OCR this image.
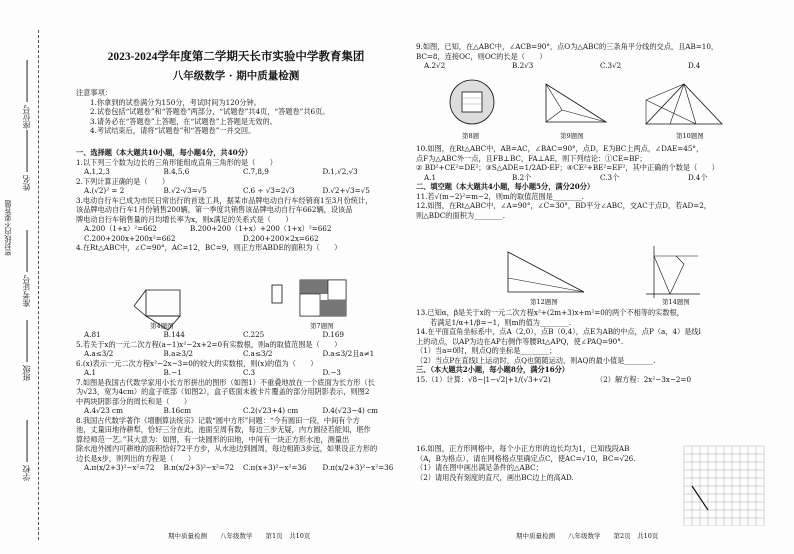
座位号
姓名
准考证号
班级
学校
密封线内不要答题
2023-2024学年度第二学期天长市实验中学教育集团
八年级数学 · 期中质量检测

注意事项：

1.你拿到的试卷满分为150分，考试时间为120分钟。

2.试卷包括“试题卷”和“答题卷”两部分，“试题卷”共4页，“答题卷”共6页。

3.请务必在“答题卷”上答题，在“试题卷”上答题是无效的。

4.考试结束后，请将“试题卷”和“答题卷”一并交回。

一、选择题（本大题共10小题，每小题4分，共40分）

1.以下列三个数为边长的三角形能组成直角三角形的是（　　）

A.1,2,3	B.4,5,6	C.7,8,9	D.1,√2,√3

2.下列计算正确的是（　　）

A.(√2)² = 2	B.√2·√3=√5	C.6 ÷ √3=2√3	D.√2+√3=√5

3.电动自行车已成为市民日常出行的首选工具，据某市品牌电动自行车经销商1至3月份统计，

该品牌电动自行车1月份销售200辆，第一季度共销售该品牌电动自行车662辆，设该品

牌电动自行车销售量的月均增长率为x，则x满足的关系式是（　　）

A.200（1+x）²=662	B.200+200（1+x）+200（1+x）²=662
C.200+200x+200x²=662	D.200+200×2x=662

4.在Rt△ABC中，∠C=90°，AC=12，BC=9，则正方形ABDE的面积为（　　）

第4题图	第7题图
A.81	B.144	C.225	D.169

5.若关于x的一元二次方程(a−1)x²−2x+2=0有实数根，则a的取值范围是（　　）

A.a≤3/2	B.a≥3/2	C.a≤3/2	D.a≤3/2且a≠1

6.(x)表示一元二次方程x²−2x−3=0的较大的实数根，则(x)的值为（　　）

A.1	B.−1	C.3	D.−3

7.如图是我国古代数学家用小长方形拼出的图形（如图1）不重叠地放在一个底面为长方形（长

为√23，宽为4cm）的盒子底部（如图2），盒子底面未被卡片覆盖的部分用阴影表示，则图2

中两块阴影部分的周长和是（　　）

A.4√23 cm	B.16cm	C.2(√23+4) cm	D.4(√23−4) cm

8.我国古代数学著作《增删算法统宗》记载“圆中方形”问题：“今有圆田一段，中间有个方

池，丈量田地待耕犁，恰好三分在此，池面至周有数，每边三步无疑，内方圆径若能知，堪作

算经师范一艺。”其大意为：如图，有一块圆形的田地，中间有一块正方形水池，测量出

除水池外圆内可耕地的面积恰好72平方步，从水池边到圆周，每边相距3步远，如果设正方形的

边长是x步，则列出的方程是（　　）

A.π(x/2+3)²−x²=72	B.π(x/2+3)²−x²=72	C.π(x+3)²−x²=36	D.π(x/2+3)²−x²=36
期中质量检测　　八年级数学　　第1页　共10页

9.如图，已知，在△ABC中，∠ACB=90°，点O为△ABC的三条角平分线的交点，且AB=10，

BC=8，连接OC，则OC的长是（　　）

A.2√2	B.2√3	C.3√2	D.4
第8题	第9题图	第10题图

10.如图，在Rt△ABC中，AB=AC，∠BAC=90°，点D，E为BC上两点，∠DAE=45°，

点F为△ABC外一点，且FB⊥BC，FA⊥AE，则下列结论：①CE=BF；

② BD²+CE²=DE²；③S△ADE=1/2AD·EF；④CE²+BE²=EF²，其中正确的个数是（　　）

A.1	B.2个	C.3个	D.4个

二、填空题（本大题共4小题，每小题5分，满分20分）

11.若√(m−2)²=m−2，则m的取值范围是________.

12.如图，在Rt△ABC中，∠A=90°，∠C=30°，BD平分∠ABC，交AC于点D，若AD=2，

则△BDC的面积为________.

第12题图	第14题图

13.已知α，β是关于x的一元二次方程x²+(2m+3)x+m²=0的两个不相等的实数根，

若满足1/α+1/β=−1，则m的值为________.

14.在平面直角坐标系中，点A（2,0），点B（0,4），点E为AB的中点，点P（a，4）是线l

上的动点，以AP为边在AP右侧作等腰Rt△APQ，使∠PAQ=90°.

（1）当a=0时，则点Q的坐标是________；

（2）当点P在直线l上运动时，点Q也随随运动，则AQ的最小值是________.

三、（本大题共2小题，每小题8分，满分16分）

15.（1）计算：√8−|1−√2|+1/(√3+√2)	（2）解方程：2x²−3x−2=0

16.如图，正方形网格中，每个小正方形的边长均为1，已知线段AB

（A，B为格点），请在网格格点里确定点C，使AC=√10，BC=√26.

（1）请在图中画出满足条件的△ABC；

（2）请用没有刻度的直尺，画出BC边上的高AD.

期中质量检测　　八年级数学　　第2页　共10页
